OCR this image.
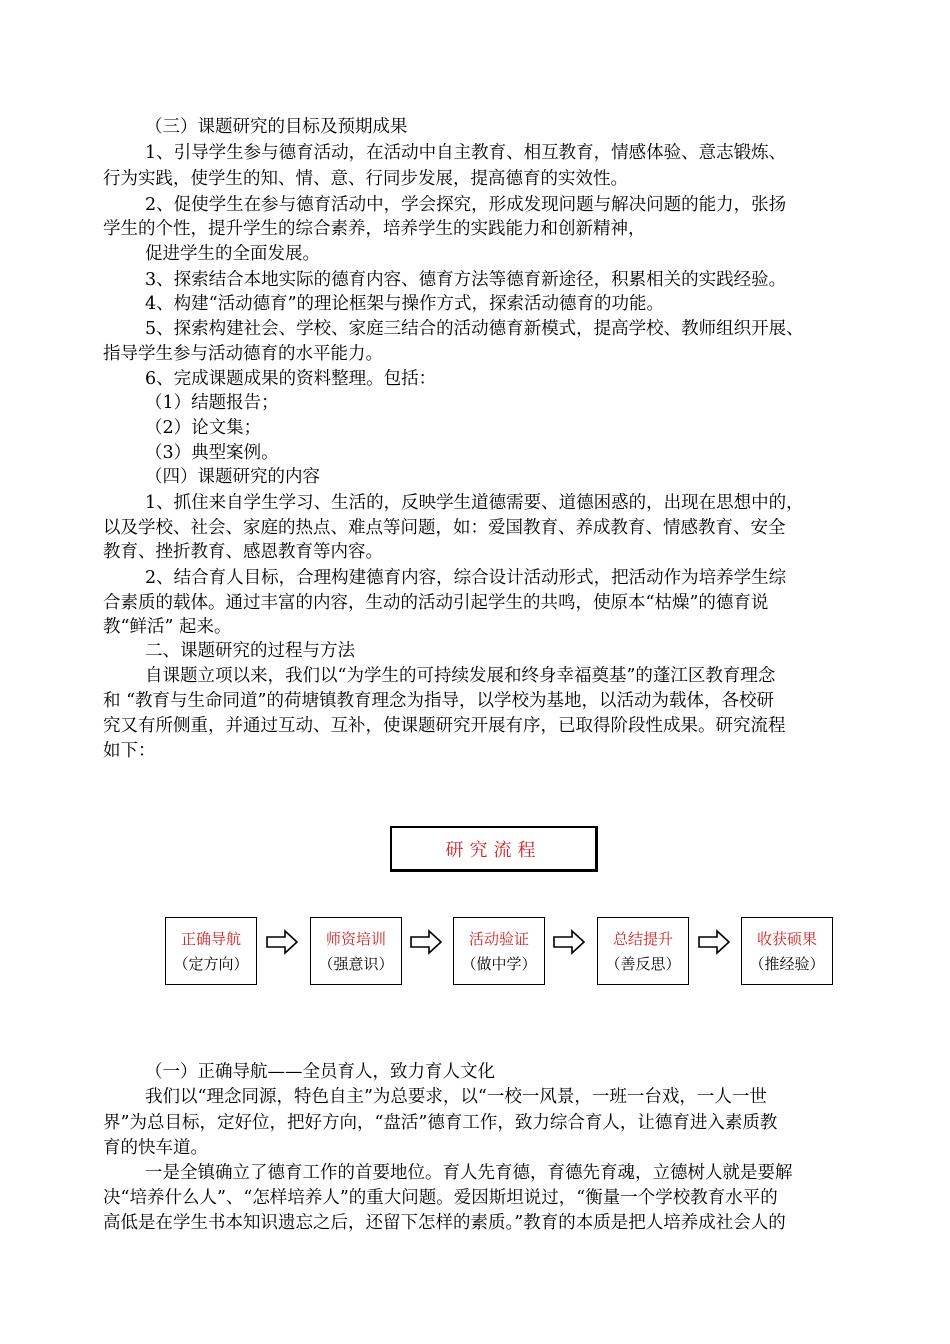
（三）课题研究的目标及预期成果
1、引导学生参与德育活动，在活动中自主教育、相互教育，情感体验、意志锻炼、
行为实践，使学生的知、情、意、行同步发展，提高德育的实效性。
2、促使学生在参与德育活动中，学会探究，形成发现问题与解决问题的能力，张扬
学生的个性，提升学生的综合素养，培养学生的实践能力和创新精神，
促进学生的全面发展。
3、探索结合本地实际的德育内容、德育方法等德育新途径，积累相关的实践经验。
4、构建“活动德育”的理论框架与操作方式，探索活动德育的功能。
5、探索构建社会、学校、家庭三结合的活动德育新模式，提高学校、教师组织开展、
指导学生参与活动德育的水平能力。
6、完成课题成果的资料整理。包括：
（1）结题报告；
（2）论文集；
（3）典型案例。
（四）课题研究的内容
1、抓住来自学生学习、生活的，反映学生道德需要、道德困惑的，出现在思想中的，
以及学校、社会、家庭的热点、难点等问题，如：爱国教育、养成教育、情感教育、安全
教育、挫折教育、感恩教育等内容。
2、结合育人目标，合理构建德育内容，综合设计活动形式，把活动作为培养学生综
合素质的载体。通过丰富的内容，生动的活动引起学生的共鸣，使原本“枯燥”的德育说
教“鲜活” 起来。
二、课题研究的过程与方法
自课题立项以来，我们以“为学生的可持续发展和终身幸福奠基”的蓬江区教育理念
和 “教育与生命同道”的荷塘镇教育理念为指导，以学校为基地，以活动为载体，各校研
究又有所侧重，并通过互动、互补，使课题研究开展有序，已取得阶段性成果。研究流程
如下：
研究流程
正确导航
（定方向）
师资培训
（强意识）
活动验证
（做中学）
总结提升
（善反思）
收获硕果
（推经验）
（一）正确导航——全员育人，致力育人文化
我们以“理念同源，特色自主”为总要求，以“一校一风景，一班一台戏，一人一世
界”为总目标，定好位，把好方向，“盘活”德育工作，致力综合育人，让德育进入素质教
育的快车道。
一是全镇确立了德育工作的首要地位。育人先育德，育德先育魂，立德树人就是要解
决“培养什么人”、“怎样培养人”的重大问题。爱因斯坦说过，“衡量一个学校教育水平的
高低是在学生书本知识遗忘之后，还留下怎样的素质。”教育的本质是把人培养成社会人的
